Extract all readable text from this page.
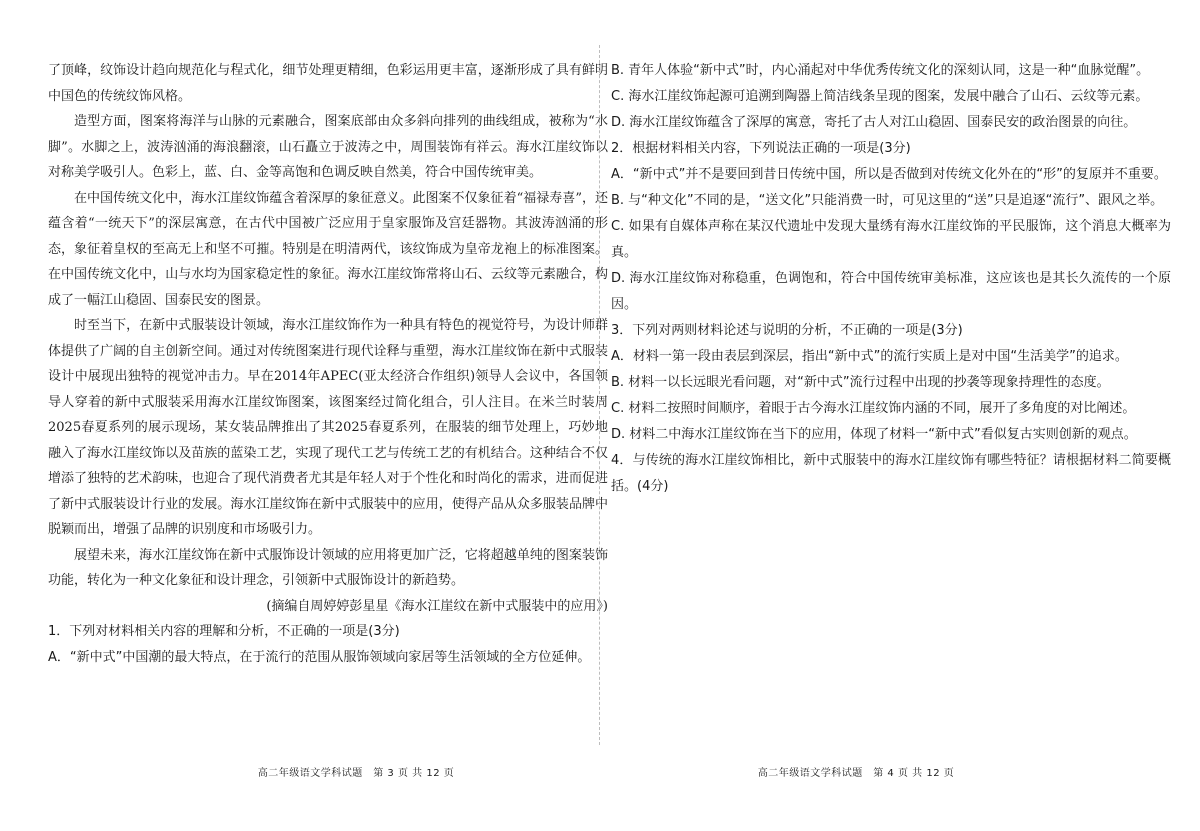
了顶峰，纹饰设计趋向规范化与程式化，细节处理更精细，色彩运用更丰富，逐渐形成了具有鲜明中国色的传统纹饰风格。

造型方面，图案将海洋与山脉的元素融合，图案底部由众多斜向排列的曲线组成，被称为“水脚”。水脚之上，波涛汹涌的海浪翻滚，山石矗立于波涛之中，周围装饰有祥云。海水江崖纹饰以对称美学吸引人。色彩上，蓝、白、金等高饱和色调反映自然美，符合中国传统审美。

在中国传统文化中，海水江崖纹饰蕴含着深厚的象征意义。此图案不仅象征着“福禄寿喜”，还蕴含着“一统天下”的深层寓意，在古代中国被广泛应用于皇家服饰及宫廷器物。其波涛汹涌的形态，象征着皇权的至高无上和坚不可摧。特别是在明清两代，该纹饰成为皇帝龙袍上的标准图案。在中国传统文化中，山与水均为国家稳定性的象征。海水江崖纹饰常将山石、云纹等元素融合，构成了一幅江山稳固、国泰民安的图景。

时至当下，在新中式服装设计领域，海水江崖纹饰作为一种具有特色的视觉符号，为设计师群体提供了广阔的自主创新空间。通过对传统图案进行现代诠释与重塑，海水江崖纹饰在新中式服装设计中展现出独特的视觉冲击力。早在2014年APEC(亚太经济合作组织)领导人会议中，各国领导人穿着的新中式服装采用海水江崖纹饰图案，该图案经过简化组合，引人注目。在米兰时装周2025春夏系列的展示现场，某女装品牌推出了其2025春夏系列，在服装的细节处理上，巧妙地融入了海水江崖纹饰以及苗族的蓝染工艺，实现了现代工艺与传统工艺的有机结合。这种结合不仅增添了独特的艺术韵味，也迎合了现代消费者尤其是年轻人对于个性化和时尚化的需求，进而促进了新中式服装设计行业的发展。海水江崖纹饰在新中式服装中的应用，使得产品从众多服装品牌中脱颖而出，增强了品牌的识别度和市场吸引力。

展望未来，海水江崖纹饰在新中式服饰设计领域的应用将更加广泛，它将超越单纯的图案装饰功能，转化为一种文化象征和设计理念，引领新中式服饰设计的新趋势。

(摘编自周婷婷彭星星《海水江崖纹在新中式服装中的应用》)

1．下列对材料相关内容的理解和分析，不正确的一项是(3分)

A．“新中式”中国潮的最大特点，在于流行的范围从服饰领域向家居等生活领域的全方位延伸。

B. 青年人体验“新中式”时，内心涌起对中华优秀传统文化的深刻认同，这是一种“血脉觉醒”。

C. 海水江崖纹饰起源可追溯到陶器上简洁线条呈现的图案，发展中融合了山石、云纹等元素。

D. 海水江崖纹饰蕴含了深厚的寓意，寄托了古人对江山稳固、国泰民安的政治图景的向往。

2．根据材料相关内容，下列说法正确的一项是(3分)

A．“新中式”并不是要回到昔日传统中国，所以是否做到对传统文化外在的“形”的复原并不重要。

B. 与“种文化”不同的是，“送文化”只能消费一时，可见这里的“送”只是追逐“流行”、跟风之举。

C. 如果有自媒体声称在某汉代遗址中发现大量绣有海水江崖纹饰的平民服饰，这个消息大概率为真。

D. 海水江崖纹饰对称稳重，色调饱和，符合中国传统审美标准，这应该也是其长久流传的一个原因。

3．下列对两则材料论述与说明的分析，不正确的一项是(3分)

A．材料一第一段由表层到深层，指出“新中式”的流行实质上是对中国“生活美学”的追求。

B. 材料一以长远眼光看问题，对“新中式”流行过程中出现的抄袭等现象持理性的态度。

C. 材料二按照时间顺序，着眼于古今海水江崖纹饰内涵的不同，展开了多角度的对比阐述。

D. 材料二中海水江崖纹饰在当下的应用，体现了材料一“新中式”看似复古实则创新的观点。

4．与传统的海水江崖纹饰相比，新中式服装中的海水江崖纹饰有哪些特征？请根据材料二简要概括。(4分)

高二年级语文学科试题　第 3 页 共 12 页	高二年级语文学科试题　第 4 页 共 12 页
